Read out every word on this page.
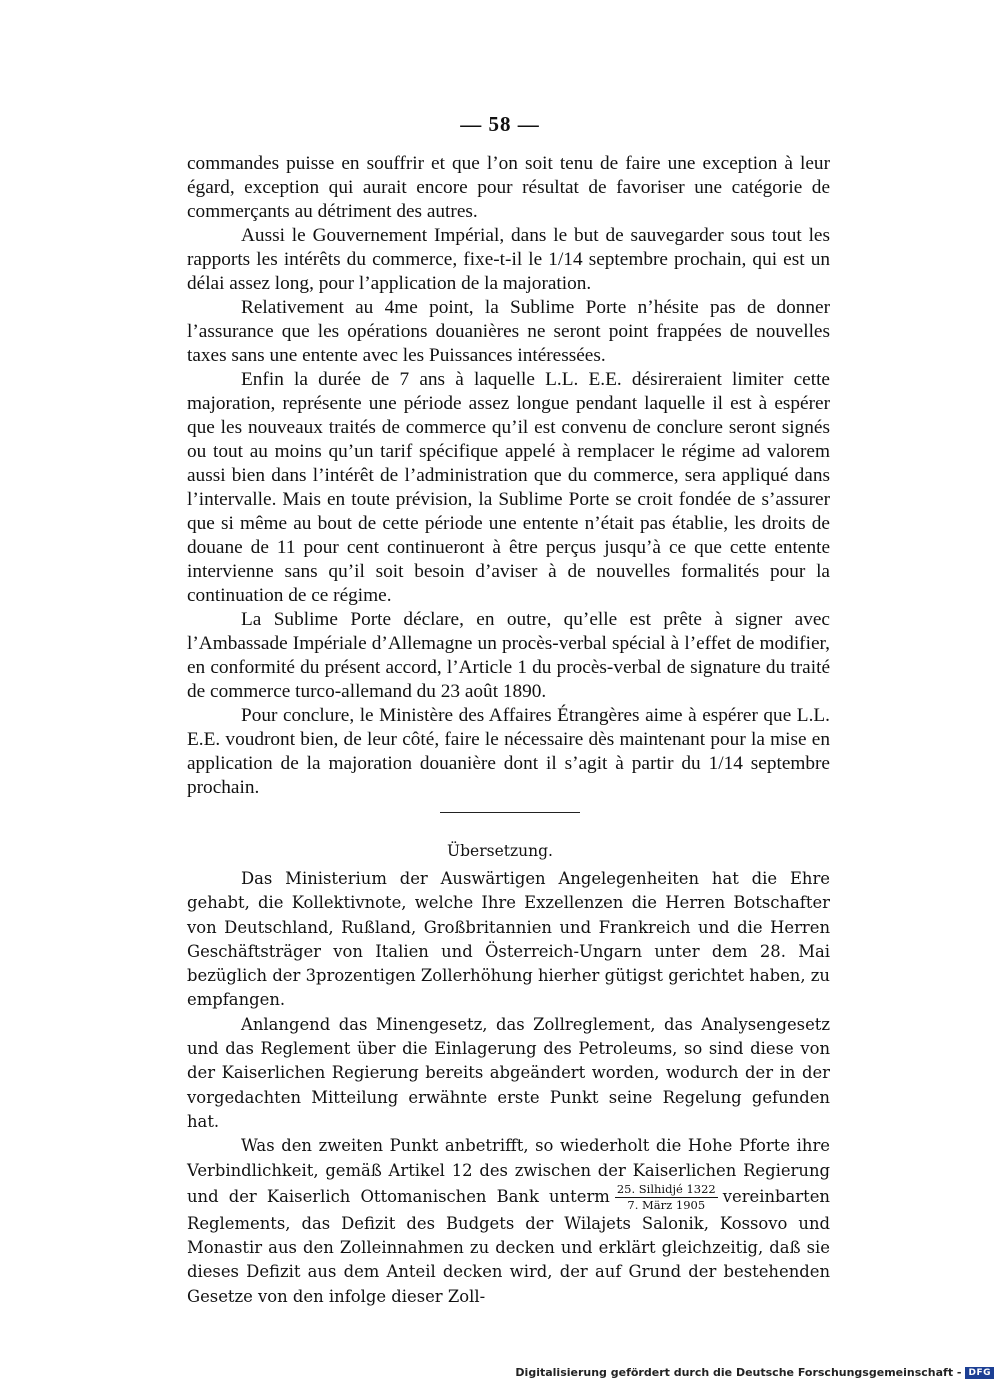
— 58 —

commandes puisse en souffrir et que l’on soit tenu de faire une exception à leur égard, exception qui aurait encore pour résultat de favoriser une catégorie de commerçants au détriment des autres.

Aussi le Gouvernement Impérial, dans le but de sauvegarder sous tout les rapports les intérêts du commerce, fixe-t-il le 1/14 septembre prochain, qui est un délai assez long, pour l’application de la majoration.

Relativement au 4me point, la Sublime Porte n’hésite pas de donner l’assurance que les opérations douanières ne seront point frappées de nouvelles taxes sans une entente avec les Puissances intéressées.

Enfin la durée de 7 ans à laquelle L.L. E.E. désireraient limiter cette majoration, représente une période assez longue pendant laquelle il est à espérer que les nouveaux traités de commerce qu’il est convenu de conclure seront signés ou tout au moins qu’un tarif spécifique appelé à remplacer le régime ad valorem aussi bien dans l’intérêt de l’administration que du commerce, sera appliqué dans l’intervalle. Mais en toute prévision, la Sublime Porte se croit fondée de s’assurer que si même au bout de cette période une entente n’était pas établie, les droits de douane de 11 pour cent continueront à être perçus jusqu’à ce que cette entente intervienne sans qu’il soit besoin d’aviser à de nouvelles formalités pour la continuation de ce régime.

La Sublime Porte déclare, en outre, qu’elle est prête à signer avec l’Ambassade Impériale d’Allemagne un procès-verbal spécial à l’effet de modifier, en conformité du présent accord, l’Article 1 du procès-verbal de signature du traité de commerce turco-allemand du 23 août 1890.

Pour conclure, le Ministère des Affaires Étrangères aime à espérer que L.L. E.E. voudront bien, de leur côté, faire le nécessaire dès maintenant pour la mise en application de la majoration douanière dont il s’agit à partir du 1/14 septembre prochain.

Übersetzung.

Das Ministerium der Auswärtigen Angelegenheiten hat die Ehre gehabt, die Kollektivnote, welche Ihre Exzellenzen die Herren Botschafter von Deutschland, Rußland, Großbritannien und Frankreich und die Herren Geschäftsträger von Italien und Österreich-Ungarn unter dem 28. Mai bezüglich der 3prozentigen Zollerhöhung hierher gütigst gerichtet haben, zu empfangen.

Anlangend das Minengesetz, das Zollreglement, das Analysengesetz und das Reglement über die Einlagerung des Petroleums, so sind diese von der Kaiserlichen Regierung bereits abgeändert worden, wodurch der in der vorgedachten Mitteilung erwähnte erste Punkt seine Regelung gefunden hat.

Was den zweiten Punkt anbetrifft, so wiederholt die Hohe Pforte ihre Verbindlichkeit, gemäß Artikel 12 des zwischen der Kaiserlichen Regierung und der Kaiserlich Ottomanischen Bank unterm $\frac{\text{25. Silhidjé 1322}}{\text{7. März 1905}}$ vereinbarten Reglements, das Defizit des Budgets der Wilajets Salonik, Kossovo und Monastir aus den Zolleinnahmen zu decken und erklärt gleichzeitig, daß sie dieses Defizit aus dem Anteil decken wird, der auf Grund der bestehenden Gesetze von den infolge dieser Zoll-

Digitalisierung gefördert durch die Deutsche Forschungsgemeinschaft - DFG
